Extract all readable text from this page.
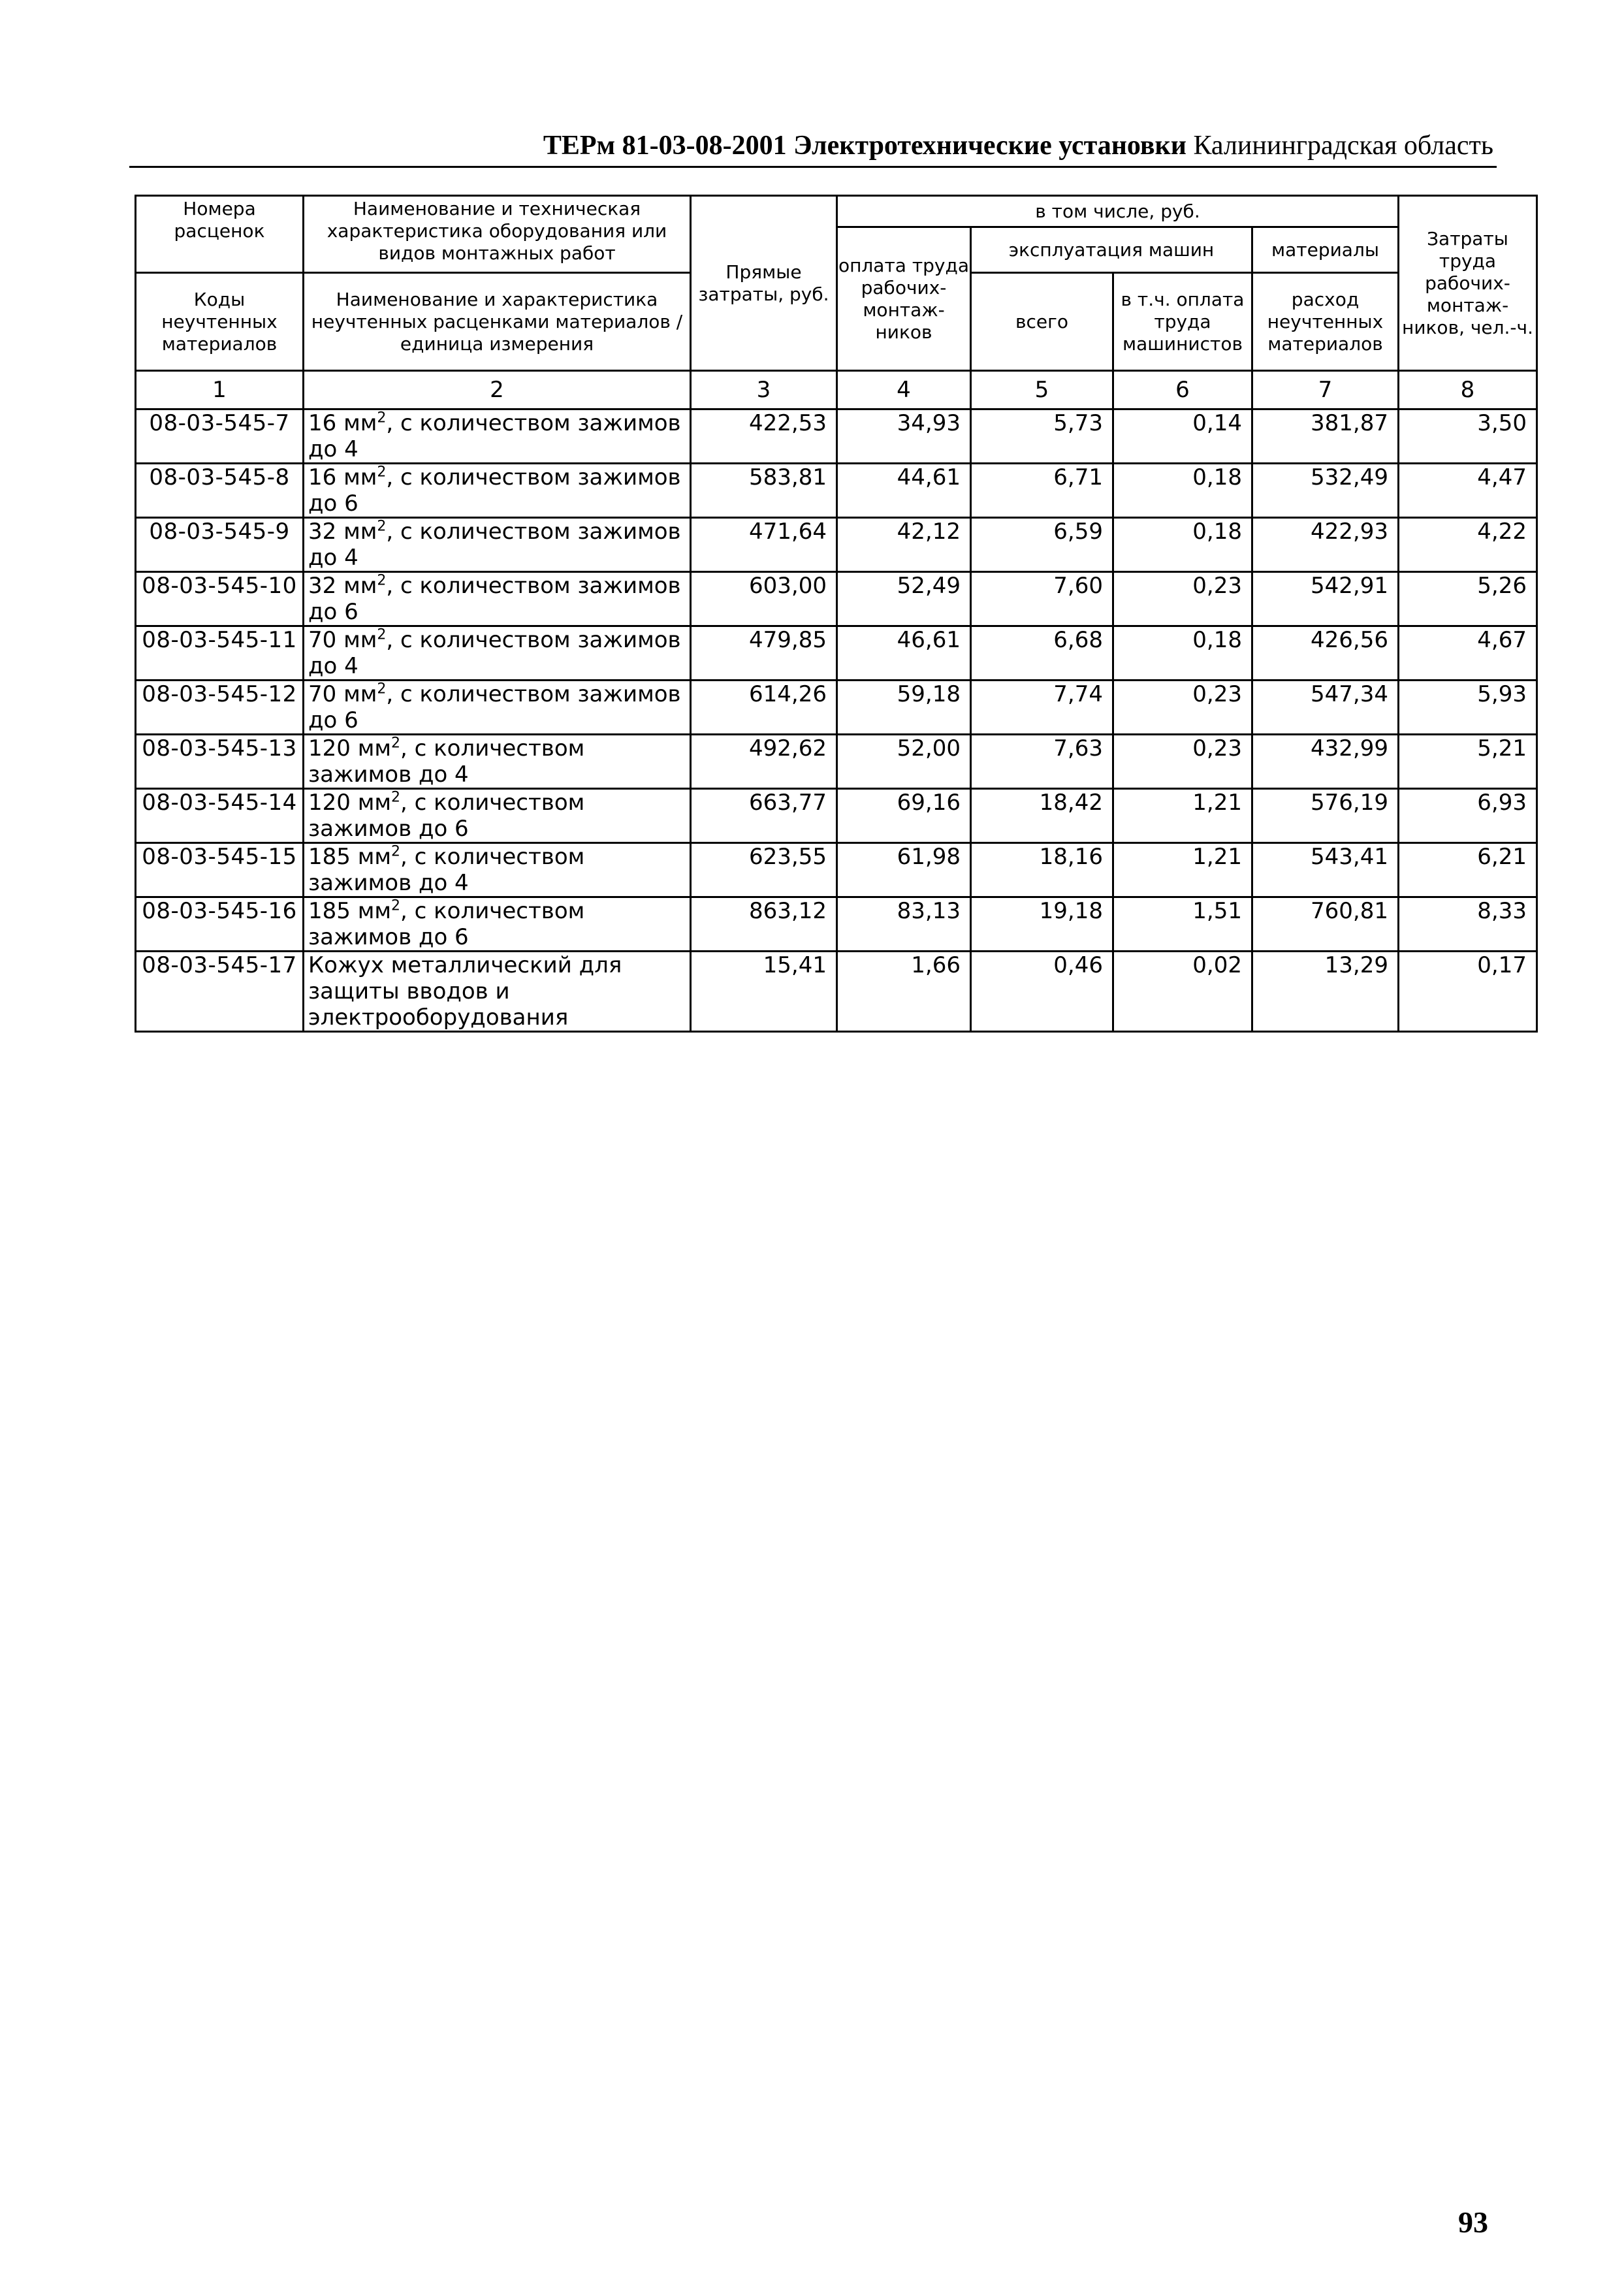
ТЕРм 81-03-08-2001 Электротехнические установки Калининградская область
Номера расценок	Наименование и техническая характеристика оборудования или видов монтажных работ	Прямые затраты, руб.	в том числе, руб.				Затраты труда рабочих-монтаж-ников, чел.-ч.
			оплата труда рабочих-монтаж-ников	эксплуатация машин		материалы	
Коды неучтенных материалов	Наименование и характеристика неучтенных расценками материалов / единица измерения			всего	в т.ч. оплата труда машинистов	расход неучтенных материалов	

1	2	3	4	5	6	7	8
08-03-545-7	16 $мм^2$, с количеством зажимов до 4	422,53	34,93	5,73	0,14	381,87	3,50
08-03-545-8	16 $мм^2$, с количеством зажимов до 6	583,81	44,61	6,71	0,18	532,49	4,47
08-03-545-9	32 $мм^2$, с количеством зажимов до 4	471,64	42,12	6,59	0,18	422,93	4,22
08-03-545-10	32 $мм^2$, с количеством зажимов до 6	603,00	52,49	7,60	0,23	542,91	5,26
08-03-545-11	70 $мм^2$, с количеством зажимов до 4	479,85	46,61	6,68	0,18	426,56	4,67
08-03-545-12	70 $мм^2$, с количеством зажимов до 6	614,26	59,18	7,74	0,23	547,34	5,93
08-03-545-13	120 $мм^2$, с количеством зажимов до 4	492,62	52,00	7,63	0,23	432,99	5,21
08-03-545-14	120 $мм^2$, с количеством зажимов до 6	663,77	69,16	18,42	1,21	576,19	6,93
08-03-545-15	185 $мм^2$, с количеством зажимов до 4	623,55	61,98	18,16	1,21	543,41	6,21
08-03-545-16	185 $мм^2$, с количеством зажимов до 6	863,12	83,13	19,18	1,51	760,81	8,33
08-03-545-17	Кожух металлический для защиты вводов и электрооборудования	15,41	1,66	0,46	0,02	13,29	0,17
93
